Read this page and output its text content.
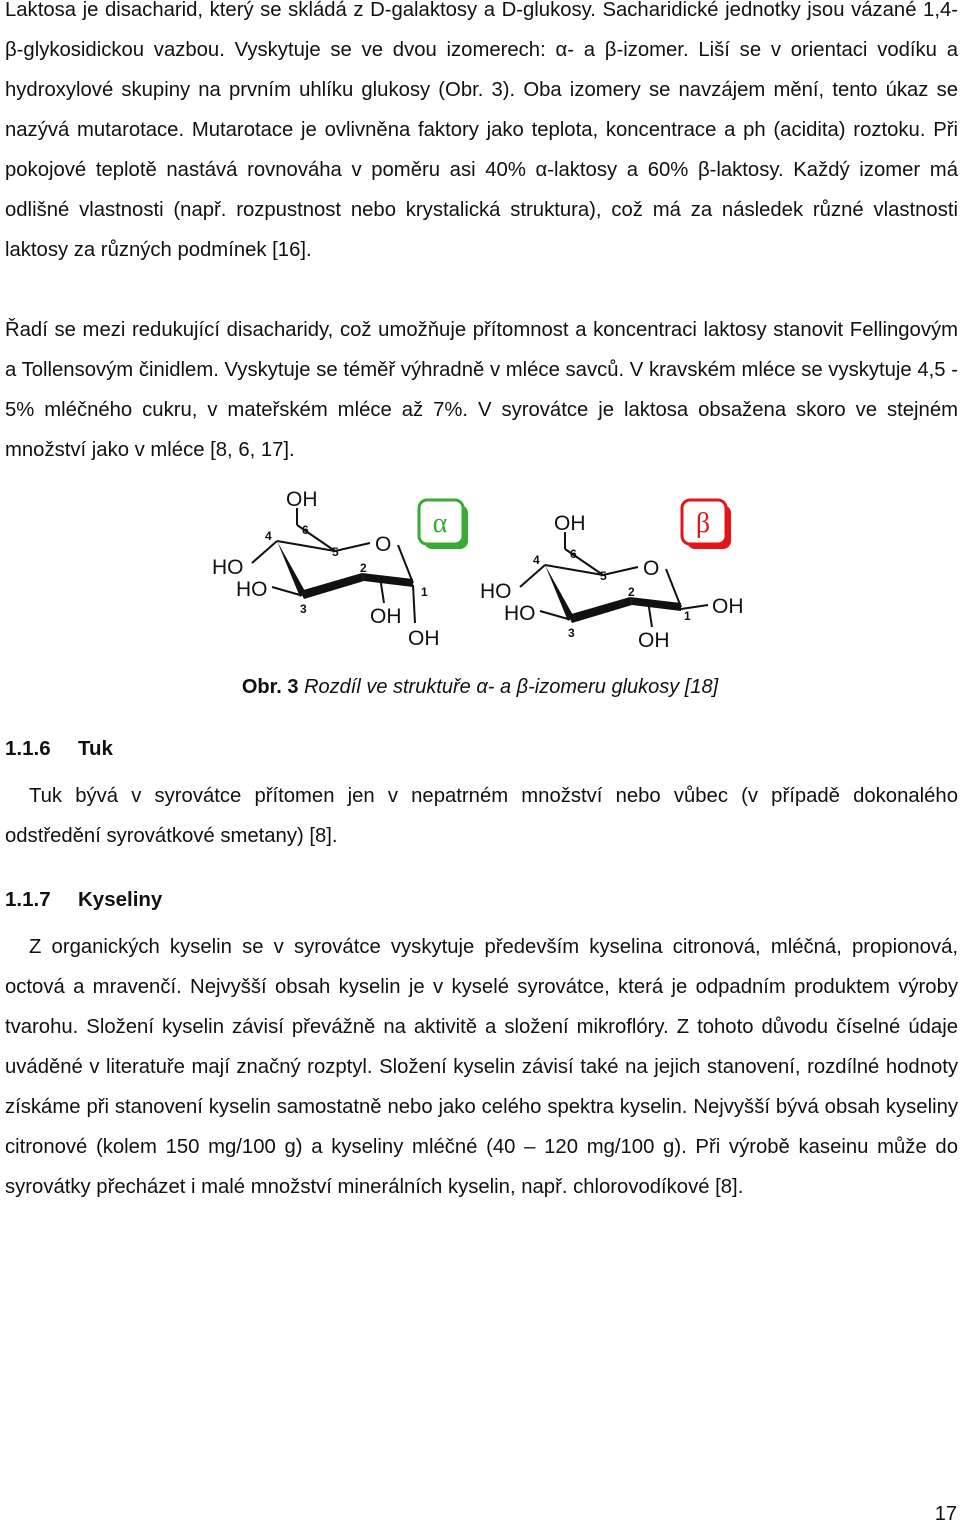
Laktosa je disacharid, který se skládá z D-galaktosy a D-glukosy. Sacharidické jednotky jsou vázané 1,4-β-glykosidickou vazbou. Vyskytuje se ve dvou izomerech: α- a β-izomer. Liší se v orientaci vodíku a hydroxylové skupiny na prvním uhlíku glukosy (Obr. 3). Oba izomery se navzájem mění, tento úkaz se nazývá mutarotace. Mutarotace je ovlivněna faktory jako teplota, koncentrace a ph (acidita) roztoku. Při pokojové teplotě nastává rovnováha v poměru asi 40% α-laktosy a 60% β-laktosy. Každý izomer má odlišné vlastnosti (např. rozpustnost nebo krystalická struktura), což má za následek různé vlastnosti laktosy za různých podmínek [16].

Řadí se mezi redukující disacharidy, což umožňuje přítomnost a koncentraci laktosy stanovit Fellingovým a Tollensovým činidlem. Vyskytuje se téměř výhradně v mléce savců. V kravském mléce se vyskytuje 4,5 - 5% mléčného cukru, v mateřském mléce až 7%. V syrovátce je laktosa obsažena skoro ve stejném množství jako v mléce [8, 6, 17].

α
OH
HO
HO
O
OH
OH
4	6
5
2
3
1
β
OH
HO
HO
O
OH
OH
4	6
5
2
3
1
Obr. 3 Rozdíl ve struktuře α- a β-izomeru glukosy [18]
1.1.6 Tuk

Tuk bývá v syrovátce přítomen jen v nepatrném množství nebo vůbec (v případě dokonalého odstředění syrovátkové smetany) [8].

1.1.7 Kyseliny

Z organických kyselin se v syrovátce vyskytuje především kyselina citronová, mléčná, propionová, octová a mravenčí. Nejvyšší obsah kyselin je v kyselé syrovátce, která je odpadním produktem výroby tvarohu. Složení kyselin závisí převážně na aktivitě a složení mikroflóry. Z tohoto důvodu číselné údaje uváděné v literatuře mají značný rozptyl. Složení kyselin závisí také na jejich stanovení, rozdílné hodnoty získáme při stanovení kyselin samostatně nebo jako celého spektra kyselin. Nejvyšší bývá obsah kyseliny citronové (kolem 150 mg/100 g) a kyseliny mléčné (40 – 120 mg/100 g). Při výrobě kaseinu může do syrovátky přecházet i malé množství minerálních kyselin, např. chlorovodíkové [8].

17
